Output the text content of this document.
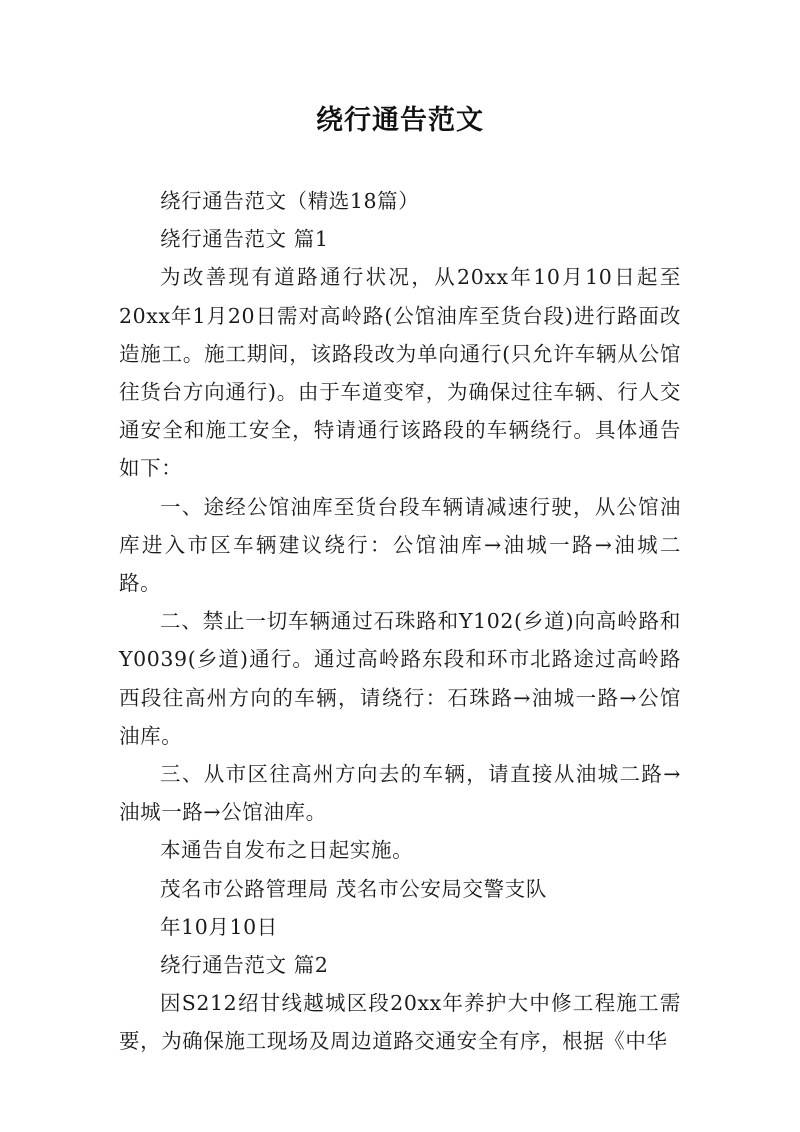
绕行通告范文

绕行通告范文（精选18篇）

绕行通告范文 篇1

为改善现有道路通行状况，从20xx年10月10日起至20xx年1月20日需对高岭路(公馆油库至货台段)进行路面改造施工。施工期间，该路段改为单向通行(只允许车辆从公馆往货台方向通行)。由于车道变窄，为确保过往车辆、行人交通安全和施工安全，特请通行该路段的车辆绕行。具体通告如下：

一、途经公馆油库至货台段车辆请减速行驶，从公馆油库进入市区车辆建议绕行：公馆油库→油城一路→油城二路。

二、禁止一切车辆通过石珠路和Y102(乡道)向高岭路和Y0039(乡道)通行。通过高岭路东段和环市北路途过高岭路西段往高州方向的车辆，请绕行：石珠路→油城一路→公馆油库。

三、从市区往高州方向去的车辆，请直接从油城二路→油城一路→公馆油库。

本通告自发布之日起实施。

茂名市公路管理局 茂名市公安局交警支队

年10月10日

绕行通告范文 篇2

因S212绍甘线越城区段20xx年养护大中修工程施工需要，为确保施工现场及周边道路交通安全有序，根据《中华
